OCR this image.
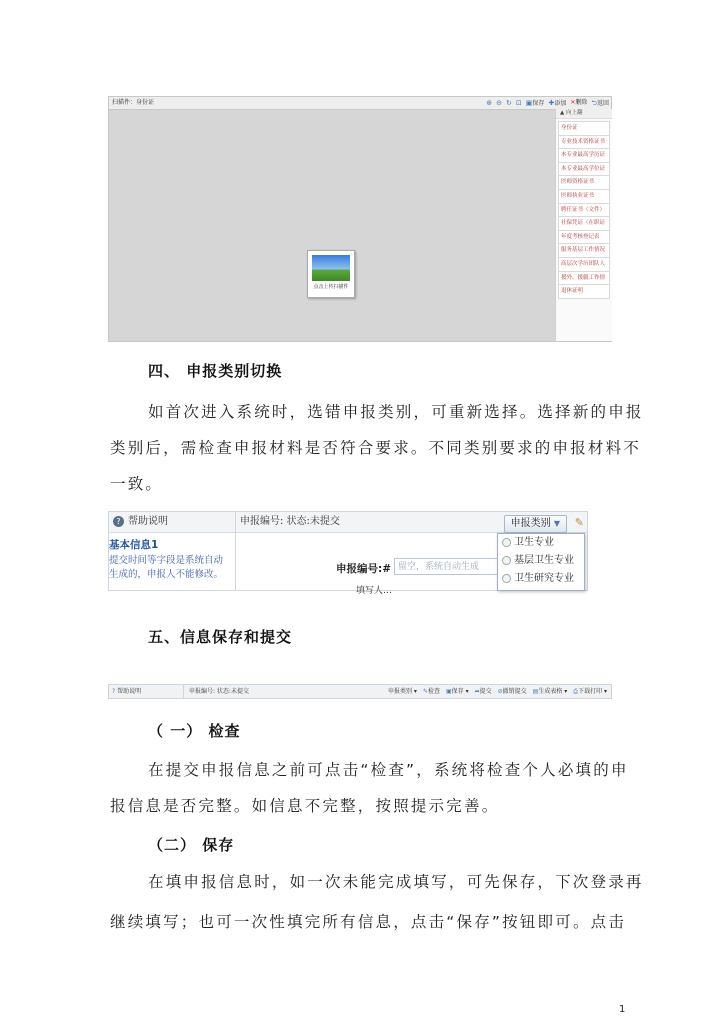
扫描件：身份证	⊕ ⊖ ↻ ⊡ ▣保存 ✚添加 ✕删除 ⮌返回
▲ 向上翻
身份证
专业技术资格证书
本专业最高学历证
本专业最高学位证
医师资格证书
医师执业证书
聘任证书（文件）
社保凭证（在职证
年度考核登记表
服务基层工作情况
高层次学历团队人
援外、援疆工作情
退休证明
点击上传扫描件
四、 申报类别切换
如首次进入系统时，选错申报类别，可重新选择。选择新的申报
类别后，需检查申报材料是否符合要求。不同类别要求的申报材料不
一致。
? 帮助说明
基本信息1
提交时间等字段是系统自动
生成的，申报人不能修改。
申报编号: 状态:未提交	申报类别 ▼	✎
申报编号:# 留空，系统自动生成
填写人…
卫生专业
基层卫生专业
卫生研究专业
五、信息保存和提交
? 帮助说明	申报编号: 状态:未提交	申报类别 ▾ ✎检查 ▣保存 ▾ ➦提交 ⊘撤销提交 ▤生成表格 ▾ ⎙下载打印 ▾
（ 一） 检查
在提交申报信息之前可点击“检查”，系统将检查个人必填的申
报信息是否完整。如信息不完整，按照提示完善。
（二） 保存
在填申报信息时，如一次未能完成填写，可先保存，下次登录再
继续填写；也可一次性填完所有信息，点击“保存”按钮即可。点击
1
